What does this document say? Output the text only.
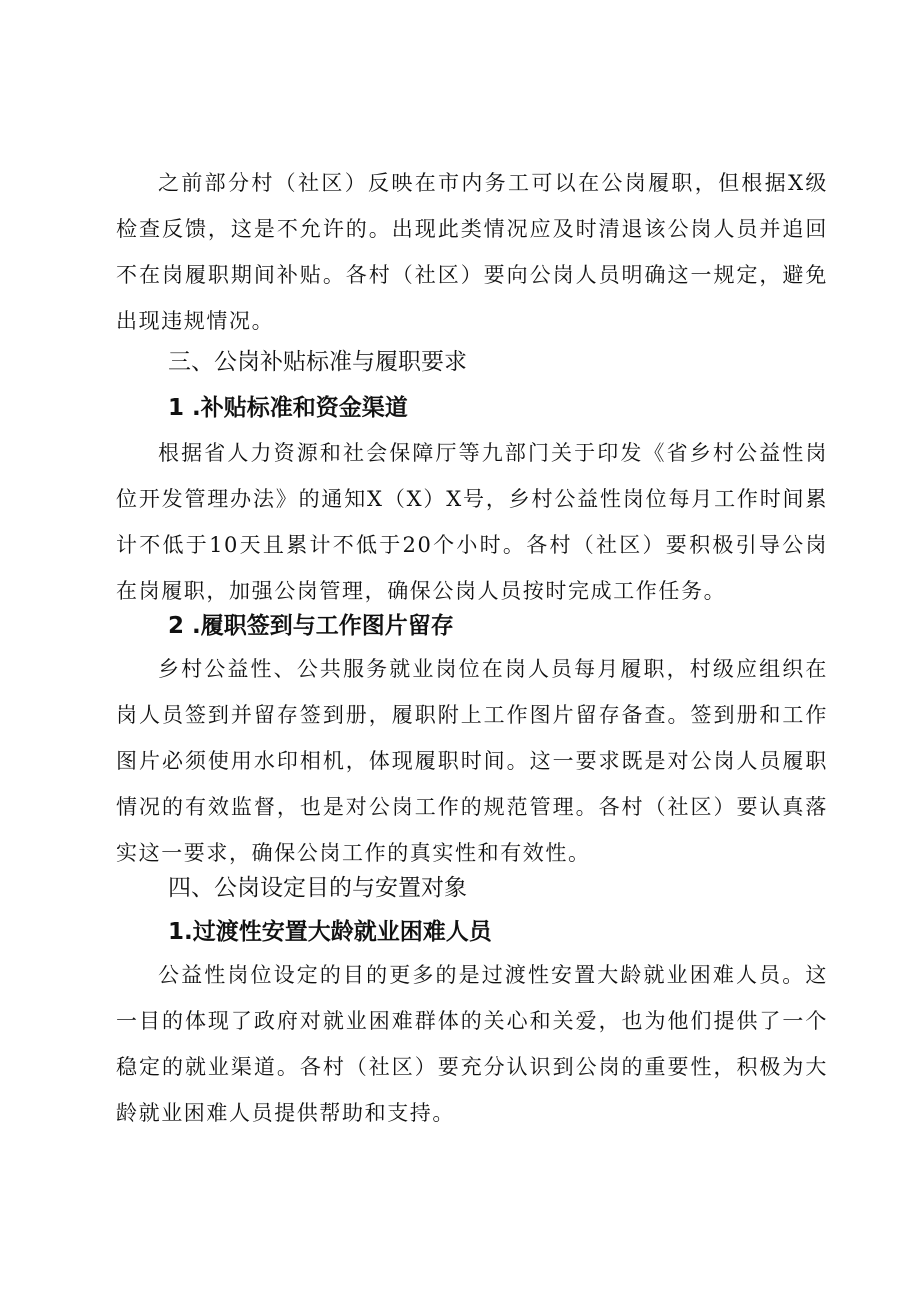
之前部分村（社区）反映在市内务工可以在公岗履职，但根据X级检查反馈，这是不允许的。出现此类情况应及时清退该公岗人员并追回不在岗履职期间补贴。各村（社区）要向公岗人员明确这一规定，避免出现违规情况。

三、公岗补贴标准与履职要求
1 .补贴标准和资金渠道

根据省人力资源和社会保障厅等九部门关于印发《省乡村公益性岗位开发管理办法》的通知X（X）X号，乡村公益性岗位每月工作时间累计不低于10天且累计不低于20个小时。各村（社区）要积极引导公岗在岗履职，加强公岗管理，确保公岗人员按时完成工作任务。

2 .履职签到与工作图片留存

乡村公益性、公共服务就业岗位在岗人员每月履职，村级应组织在岗人员签到并留存签到册，履职附上工作图片留存备查。签到册和工作图片必须使用水印相机，体现履职时间。这一要求既是对公岗人员履职情况的有效监督，也是对公岗工作的规范管理。各村（社区）要认真落实这一要求，确保公岗工作的真实性和有效性。

四、公岗设定目的与安置对象
1.过渡性安置大龄就业困难人员

公益性岗位设定的目的更多的是过渡性安置大龄就业困难人员。这一目的体现了政府对就业困难群体的关心和关爱，也为他们提供了一个稳定的就业渠道。各村（社区）要充分认识到公岗的重要性，积极为大龄就业困难人员提供帮助和支持。
